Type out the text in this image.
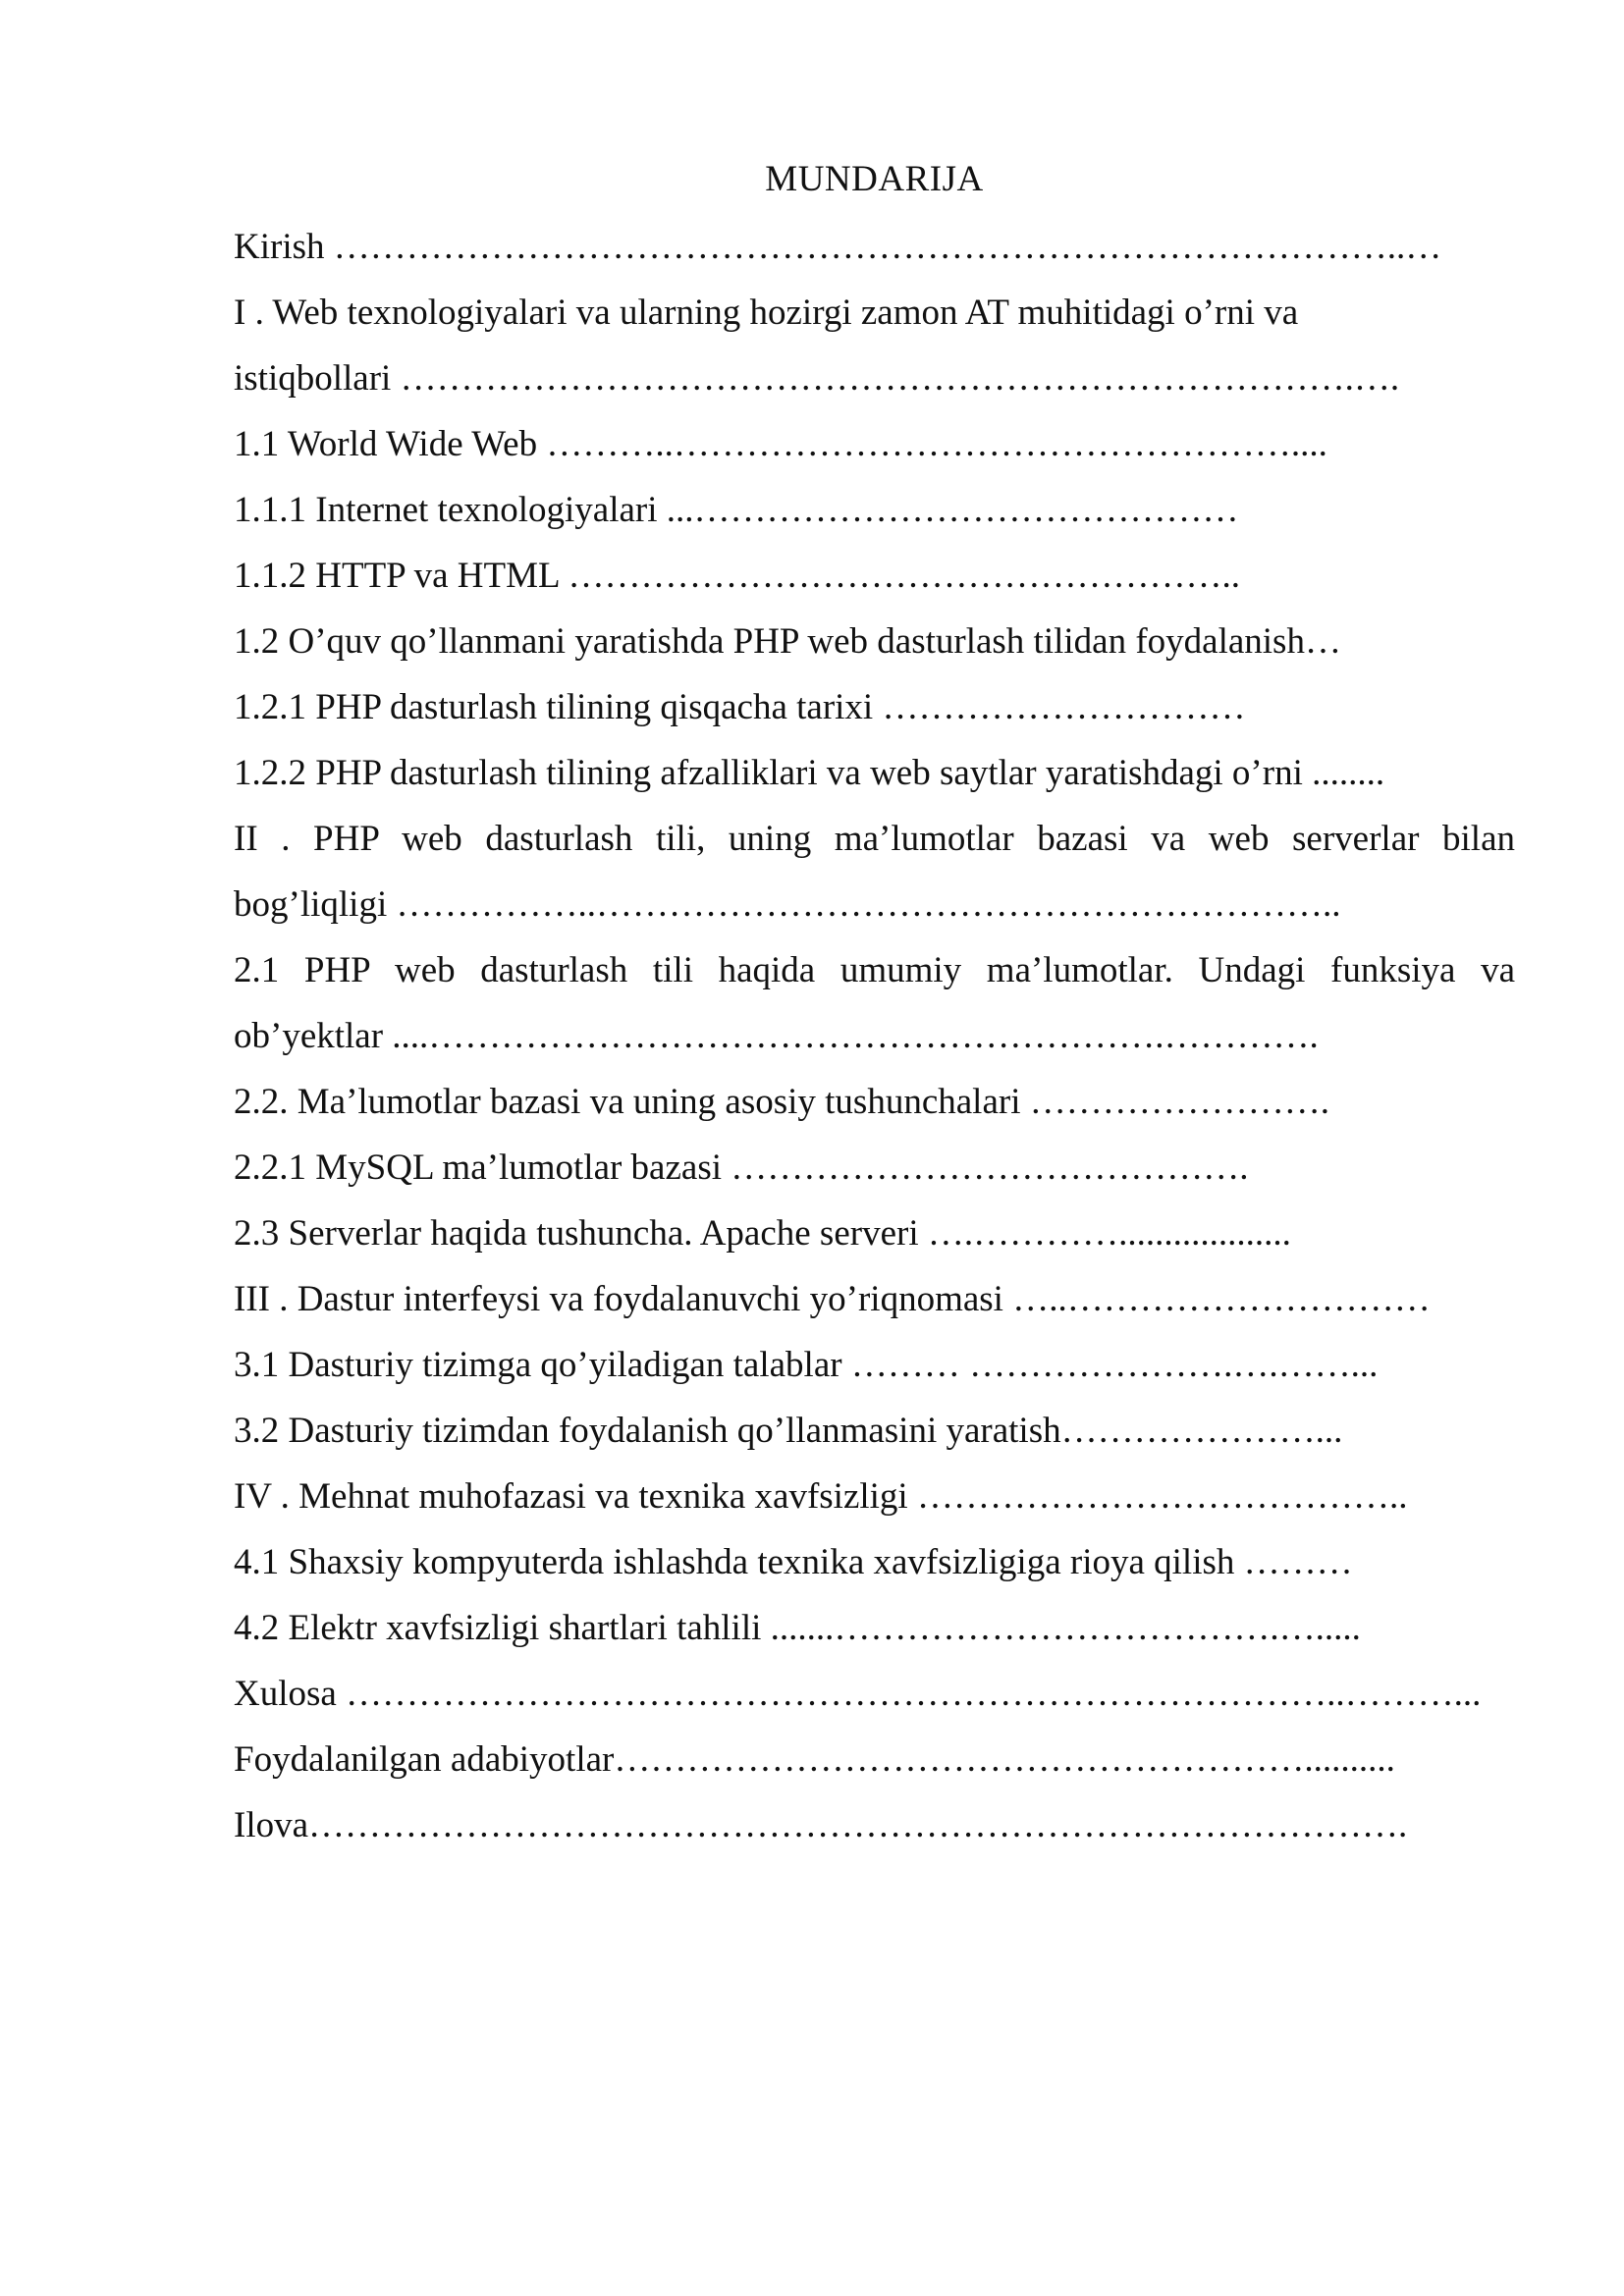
MUNDARIJA
Kirish ……………………………………………………………………………..…
I . Web texnologiyalari va ularning hozirgi zamon AT muhitidagi o’rni va
istiqbollari …………………………………………………………………….….
1.1 World Wide Web ………..……………………………………………....
1.1.1 Internet texnologiyalari ...………………………………………
1.1.2 HTTP va HTML ………………………………………………..
1.2 O’quv qo’llanmani yaratishda PHP web dasturlash tilidan foydalanish…
1.2.1 PHP dasturlash tilining qisqacha tarixi …………………………
1.2.2 PHP dasturlash tilining afzalliklari va web saytlar yaratishdagi o’rni ........
II . PHP web dasturlash tili, uning ma’lumotlar bazasi va web serverlar bilan
bog’liqligi ……………..……………………………………………………..
2.1 PHP web dasturlash tili haqida umumiy ma’lumotlar. Undagi funksiya va
ob’yektlar ....…………………………………………………….………….
2.2. Ma’lumotlar bazasi va uning asosiy tushunchalari …………………….
2.2.1 MySQL ma’lumotlar bazasi …………………………………….
2.3 Serverlar haqida tushuncha. Apache serveri ….…………...................
III . Dastur interfeysi va foydalanuvchi yo’riqnomasi …..…………………………
3.1 Dasturiy tizimga qo’yiladigan talablar ……… ………………….….……...
3.2 Dasturiy tizimdan foydalanish qo’llanmasini yaratish…………………...
IV . Mehnat muhofazasi va texnika xavfsizligi …………………………………..
4.1 Shaxsiy kompyuterda ishlashda texnika xavfsizligiga rioya qilish ………
4.2 Elektr xavfsizligi shartlari tahlili .......……………………………….….....
Xulosa ………………………………………………………………………..………...
Foydalanilgan adabiyotlar…………………………………………………..........
Ilova……………………………………………………………………………….
